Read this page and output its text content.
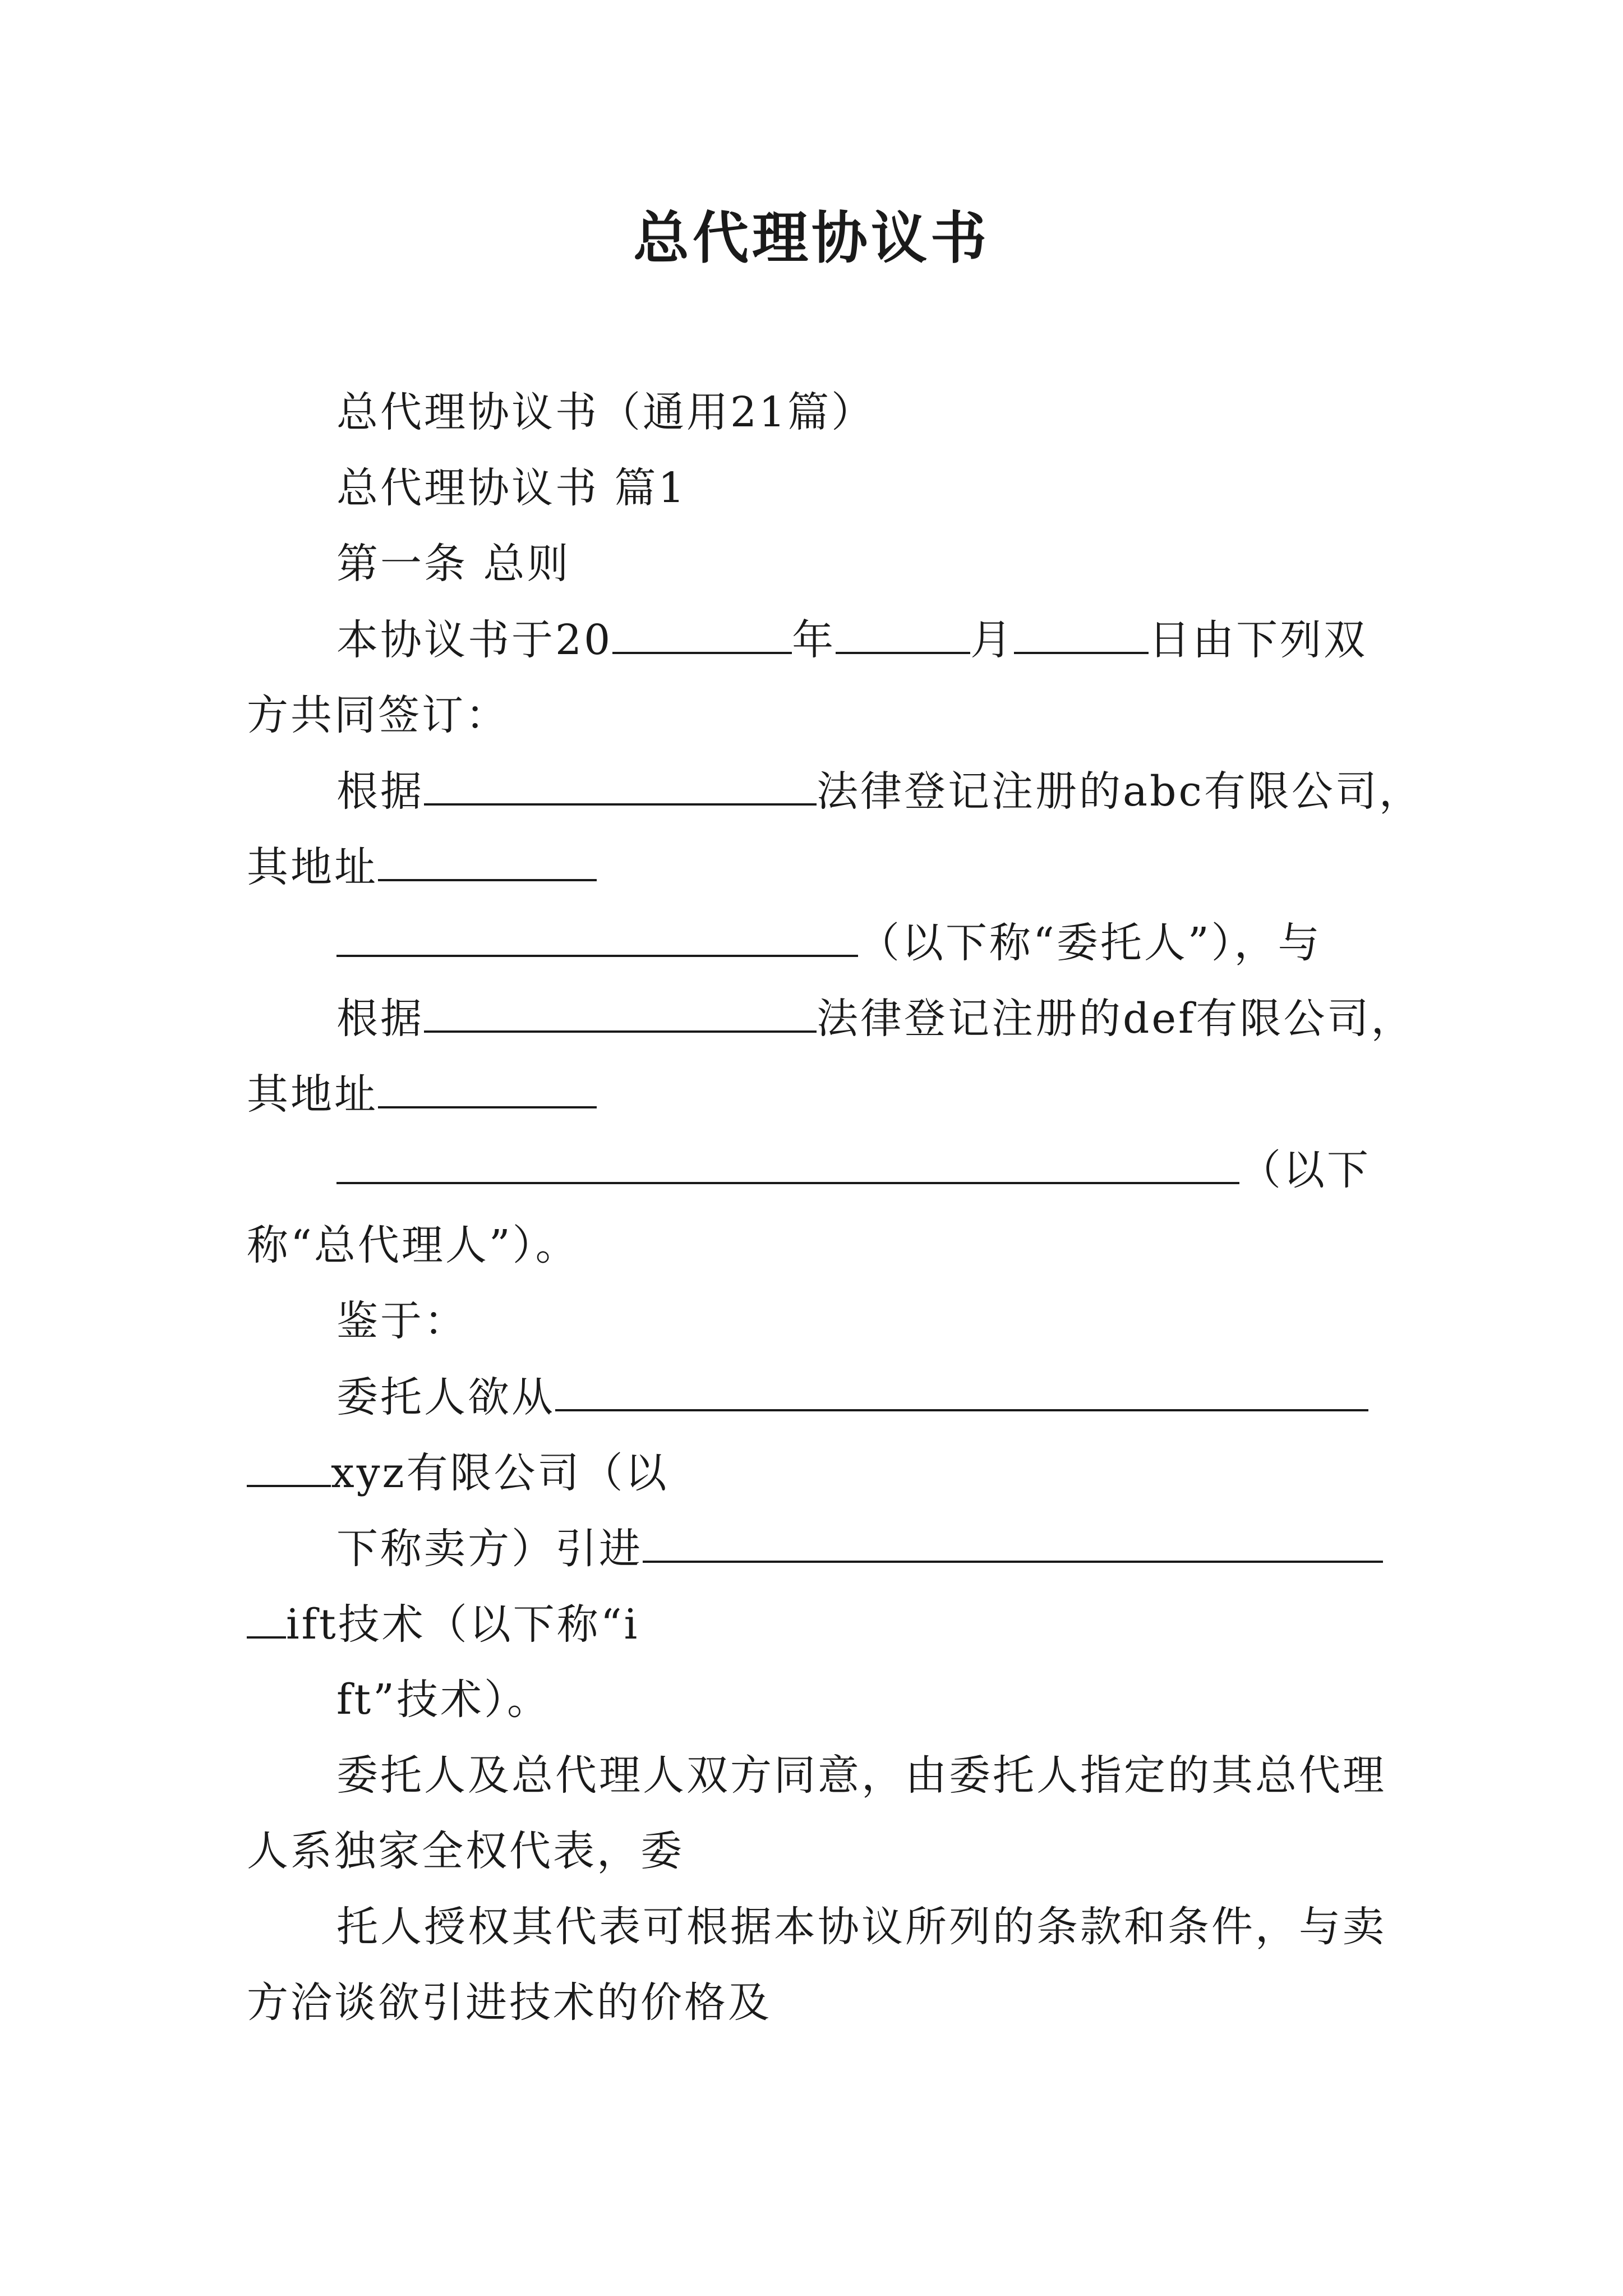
总代理协议书

总代理协议书（通用21篇）

总代理协议书 篇1

第一条 总则

本协议书于20	年	月	日由下列双

方共同签订：

根据	法律登记注册的abc有限公司，

其地址

（以下称“委托人”），与

根据	法律登记注册的def有限公司，

其地址

（以下

称“总代理人”）。

鉴于：

委托人欲从

xyz有限公司（以

下称卖方）引进

ift技术（以下称“i

ft”技术）。

委托人及总代理人双方同意，由委托人指定的其总代理

人系独家全权代表，委

托人授权其代表可根据本协议所列的条款和条件，与卖

方洽谈欲引进技术的价格及
